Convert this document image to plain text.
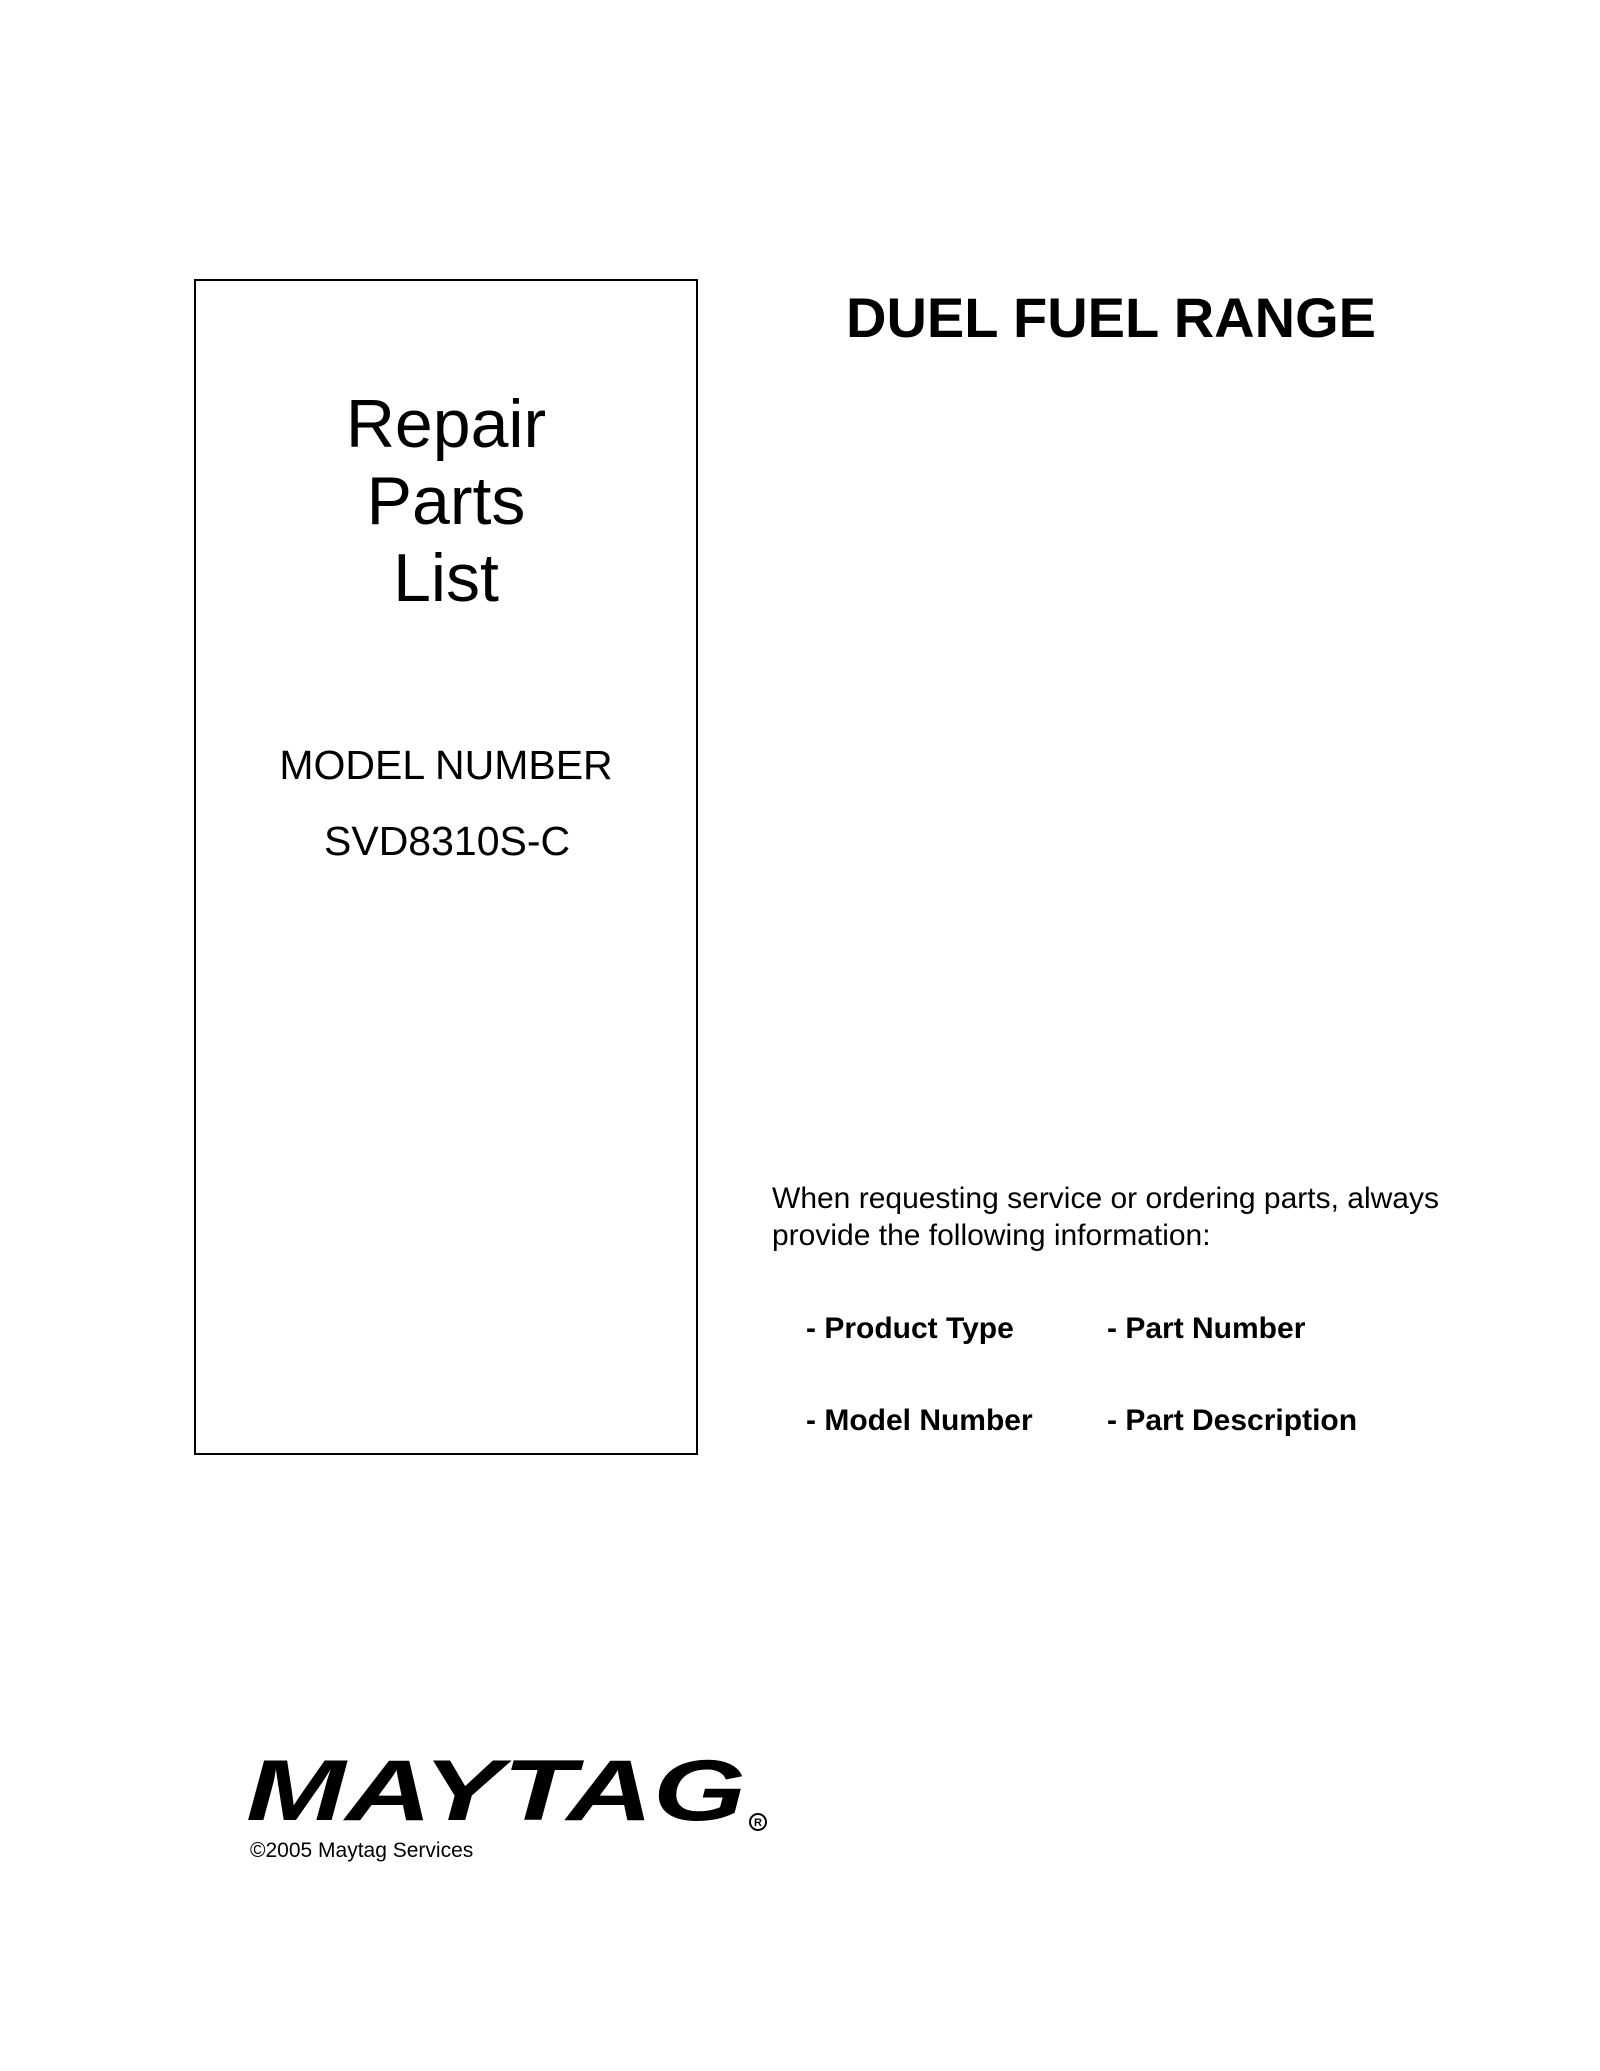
Repair
Parts
List
MODEL NUMBER
SVD8310S-C
DUEL FUEL RANGE

When requesting service or ordering parts, always provide the following information:

- Product Type	- Part Number
- Model Number - Part Description
MAYTAG R
©2005 Maytag Services
